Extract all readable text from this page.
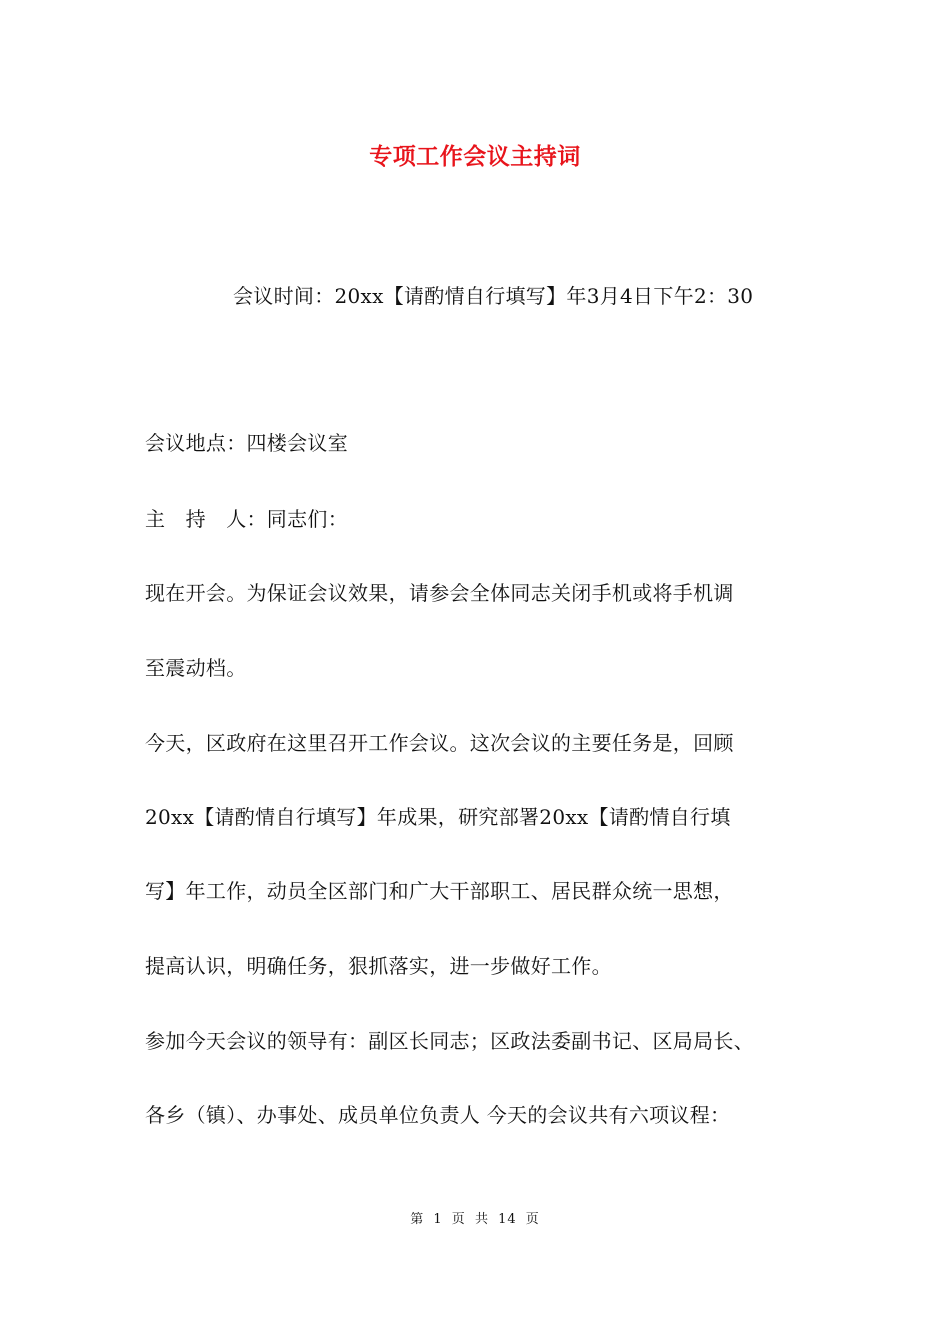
专项工作会议主持词
会议时间：20xx【请酌情自行填写】年3月4日下午2：30
会议地点：四楼会议室
主　持　人：同志们：
现在开会。为保证会议效果，请参会全体同志关闭手机或将手机调
至震动档。
今天，区政府在这里召开工作会议。这次会议的主要任务是，回顾
20xx【请酌情自行填写】年成果，研究部署20xx【请酌情自行填
写】年工作，动员全区部门和广大干部职工、居民群众统一思想，
提高认识，明确任务，狠抓落实，进一步做好工作。
参加今天会议的领导有：副区长同志；区政法委副书记、区局局长、
各乡（镇）、办事处、成员单位负责人 今天的会议共有六项议程：
第 1 页 共 14 页
